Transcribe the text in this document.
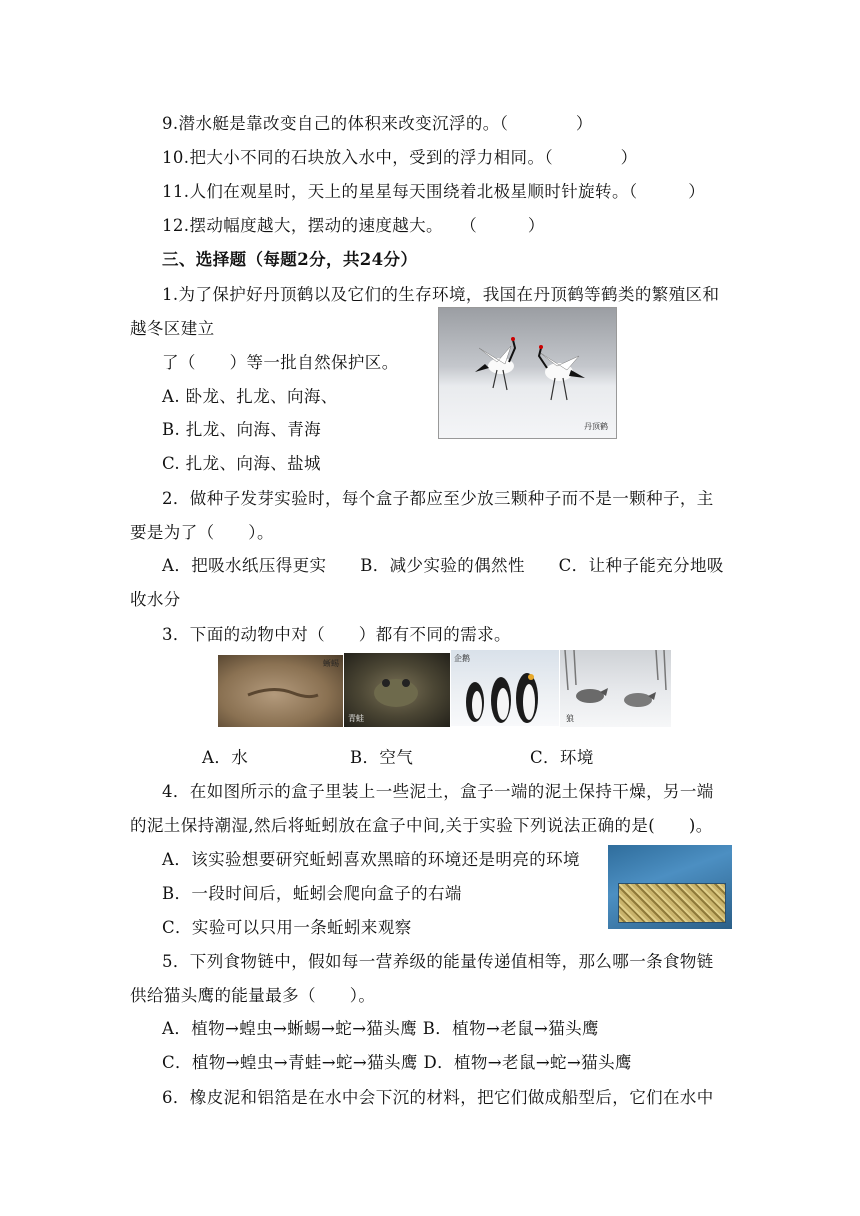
9.潜水艇是靠改变自己的体积来改变沉浮的。（　　　　）
10.把大小不同的石块放入水中，受到的浮力相同。（　　　　）
11.人们在观星时，天上的星星每天围绕着北极星顺时针旋转。（　　　）
12.摆动幅度越大，摆动的速度越大。　　（　　　）
三、选择题（每题2分，共24分）
1.为了保护好丹顶鹤以及它们的生存环境，我国在丹顶鹤等鹤类的繁殖区和
越冬区建立
了（　　）等一批自然保护区。
A. 卧龙、扎龙、向海、
B. 扎龙、向海、青海
C. 扎龙、向海、盐城
丹顶鹤
2．做种子发芽实验时，每个盒子都应至少放三颗种子而不是一颗种子，主
要是为了（　　）。
A．把吸水纸压得更实　　B．减少实验的偶然性　　C．让种子能充分地吸
收水分
3．下面的动物中对（　　）都有不同的需求。
蜥蜴
青蛙
企鹅
狼
A．水	B．空气	C．环境
4．在如图所示的盒子里装上一些泥土，盒子一端的泥土保持干燥，另一端
的泥土保持潮湿,然后将蚯蚓放在盒子中间,关于实验下列说法正确的是(　　)。
A．该实验想要研究蚯蚓喜欢黑暗的环境还是明亮的环境
B．一段时间后，蚯蚓会爬向盒子的右端
C．实验可以只用一条蚯蚓来观察
5．下列食物链中，假如每一营养级的能量传递值相等，那么哪一条食物链
供给猫头鹰的能量最多（　　）。
A．植物→蝗虫→蜥蜴→蛇→猫头鹰 B．植物→老鼠→猫头鹰
C．植物→蝗虫→青蛙→蛇→猫头鹰 D．植物→老鼠→蛇→猫头鹰
6．橡皮泥和铝箔是在水中会下沉的材料，把它们做成船型后，它们在水中
